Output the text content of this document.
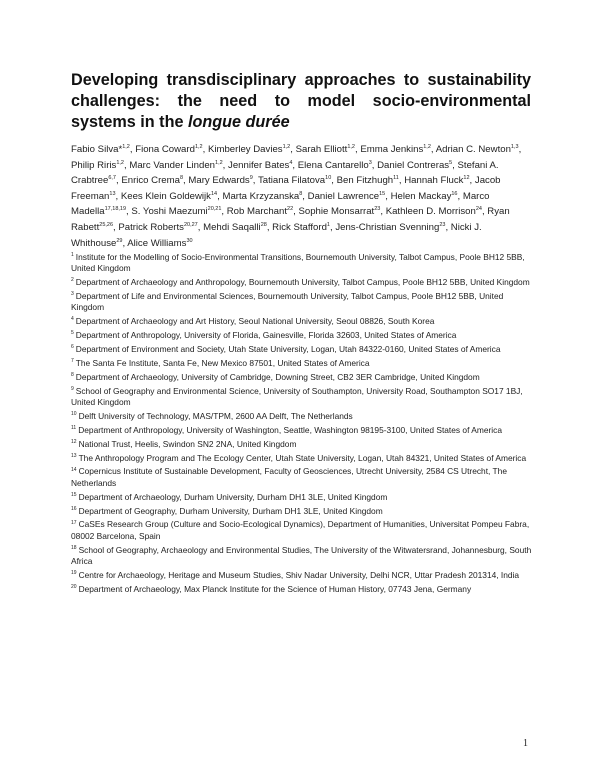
Developing transdisciplinary approaches to sustainability challenges: the need to model socio-environmental systems in the longue durée

Fabio Silva*$^{1,2}$, Fiona Coward$^{1,2}$, Kimberley Davies$^{1,2}$, Sarah Elliott$^{1,2}$, Emma Jenkins$^{1,2}$, Adrian C. Newton$^{1,3}$, Philip Riris$^{1,2}$, Marc Vander Linden$^{1,2}$, Jennifer Bates$^4$, Elena Cantarello$^3$, Daniel Contreras$^5$, Stefani A. Crabtree$^{6,7}$, Enrico Crema$^8$, Mary Edwards$^9$, Tatiana Filatova$^{10}$, Ben Fitzhugh$^{11}$, Hannah Fluck$^{12}$, Jacob Freeman$^{13}$, Kees Klein Goldewijk$^{14}$, Marta Krzyzanska$^8$, Daniel Lawrence$^{15}$, Helen Mackay$^{16}$, Marco Madella$^{17,18,19}$, S. Yoshi Maezumi$^{20,21}$, Rob Marchant$^{22}$, Sophie Monsarrat$^{23}$, Kathleen D. Morrison$^{24}$, Ryan Rabett$^{25,26}$, Patrick Roberts$^{20,27}$, Mehdi Saqalli$^{28}$, Rick Stafford$^1$, Jens-Christian Svenning$^{23}$, Nicki J. Whithouse$^{29}$, Alice Williams$^{30}$

$^1$ Institute for the Modelling of Socio-Environmental Transitions, Bournemouth University, Talbot Campus, Poole BH12 5BB, United Kingdom

$^2$ Department of Archaeology and Anthropology, Bournemouth University, Talbot Campus, Poole BH12 5BB, United Kingdom

$^3$ Department of Life and Environmental Sciences, Bournemouth University, Talbot Campus, Poole BH12 5BB, United Kingdom

$^4$ Department of Archaeology and Art History, Seoul National University, Seoul 08826, South Korea

$^5$ Department of Anthropology, University of Florida, Gainesville, Florida 32603, United States of America

$^6$ Department of Environment and Society, Utah State University, Logan, Utah 84322-0160, United States of America

$^7$ The Santa Fe Institute, Santa Fe, New Mexico 87501, United States of America

$^8$ Department of Archaeology, University of Cambridge, Downing Street, CB2 3ER Cambridge, United Kingdom

$^9$ School of Geography and Environmental Science, University of Southampton, University Road, Southampton SO17 1BJ, United Kingdom

$^{10}$ Delft University of Technology, MAS/TPM, 2600 AA Delft, The Netherlands

$^{11}$ Department of Anthropology, University of Washington, Seattle, Washington 98195-3100, United States of America

$^{12}$ National Trust, Heelis, Swindon SN2 2NA, United Kingdom

$^{13}$ The Anthropology Program and The Ecology Center, Utah State University, Logan, Utah 84321, United States of America

$^{14}$ Copernicus Institute of Sustainable Development, Faculty of Geosciences, Utrecht University, 2584 CS Utrecht, The Netherlands

$^{15}$ Department of Archaeology, Durham University, Durham DH1 3LE, United Kingdom

$^{16}$ Department of Geography, Durham University, Durham DH1 3LE, United Kingdom

$^{17}$ CaSEs Research Group (Culture and Socio-Ecological Dynamics), Department of Humanities, Universitat Pompeu Fabra, 08002 Barcelona, Spain

$^{18}$ School of Geography, Archaeology and Environmental Studies, The University of the Witwatersrand, Johannesburg, South Africa

$^{19}$ Centre for Archaeology, Heritage and Museum Studies, Shiv Nadar University, Delhi NCR, Uttar Pradesh 201314, India

$^{20}$ Department of Archaeology, Max Planck Institute for the Science of Human History, 07743 Jena, Germany

1
